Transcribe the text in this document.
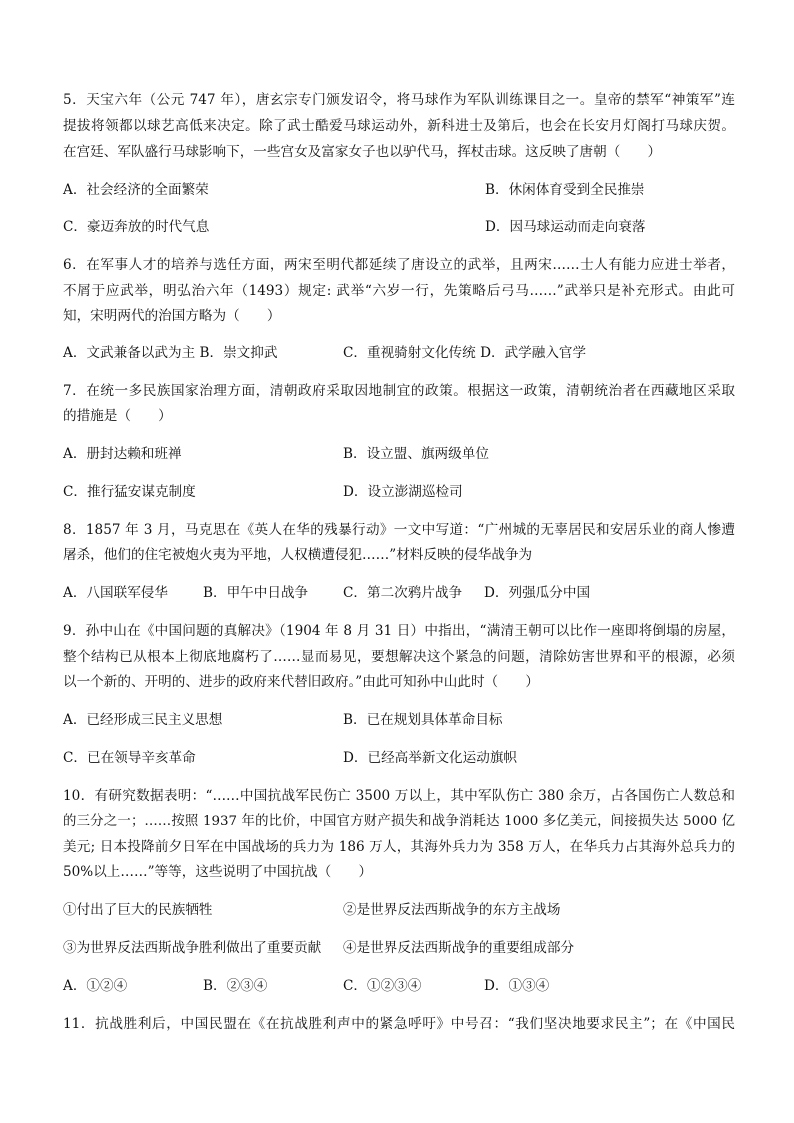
5．天宝六年（公元 747 年），唐玄宗专门颁发诏令，将马球作为军队训练课目之一。皇帝的禁军“神策军”连
提拔将领都以球艺高低来决定。除了武士酷爱马球运动外，新科进士及第后，也会在长安月灯阁打马球庆贺。
在宫廷、军队盛行马球影响下，一些宫女及富家女子也以驴代马，挥杖击球。这反映了唐朝（　　）
A．社会经济的全面繁荣	B．休闲体育受到全民推崇
C．豪迈奔放的时代气息	D．因马球运动而走向衰落
6．在军事人才的培养与选任方面，两宋至明代都延续了唐设立的武举，且两宋……士人有能力应进士举者，
不屑于应武举，明弘治六年（1493）规定: 武举“六岁一行，先策略后弓马……”武举只是补充形式。由此可
知，宋明两代的治国方略为（　　）
A．文武兼备以武为主 B．崇文抑武	C．重视骑射文化传统 D．武学融入官学
7．在统一多民族国家治理方面，清朝政府采取因地制宜的政策。根据这一政策，清朝统治者在西藏地区采取
的措施是（　　）
A．册封达赖和班禅	B．设立盟、旗两级单位
C．推行猛安谋克制度	D．设立澎湖巡检司
8．1857 年 3 月，马克思在《英人在华的残暴行动》一文中写道：“广州城的无辜居民和安居乐业的商人惨遭
屠杀，他们的住宅被炮火夷为平地，人权横遭侵犯……”材料反映的侵华战争为
A．八国联军侵华	B．甲午中日战争	C．第二次鸦片战争 D．列强瓜分中国
9．孙中山在《中国问题的真解决》（1904 年 8 月 31 日）中指出，“满清王朝可以比作一座即将倒塌的房屋，
整个结构已从根本上彻底地腐朽了……显而易见，要想解决这个紧急的问题，清除妨害世界和平的根源，必须
以一个新的、开明的、进步的政府来代替旧政府。”由此可知孙中山此时（　　）
A．已经形成三民主义思想	B．已在规划具体革命目标
C．已在领导辛亥革命	D．已经高举新文化运动旗帜
10．有研究数据表明：“……中国抗战军民伤亡 3500 万以上，其中军队伤亡 380 余万，占各国伤亡人数总和
的三分之一；……按照 1937 年的比价，中国官方财产损失和战争消耗达 1000 多亿美元，间接损失达 5000 亿
美元; 日本投降前夕日军在中国战场的兵力为 186 万人，其海外兵力为 358 万人，在华兵力占其海外总兵力的
50%以上……”等等，这些说明了中国抗战（　　）
①付出了巨大的民族牺牲	②是世界反法西斯战争的东方主战场
③为世界反法西斯战争胜利做出了重要贡献 ④是世界反法西斯战争的重要组成部分
A．①②④	B．②③④	C．①②③④	D．①③④
11．抗战胜利后，中国民盟在《在抗战胜利声中的紧急呼吁》中号召：“我们坚决地要求民主”；在《中国民
